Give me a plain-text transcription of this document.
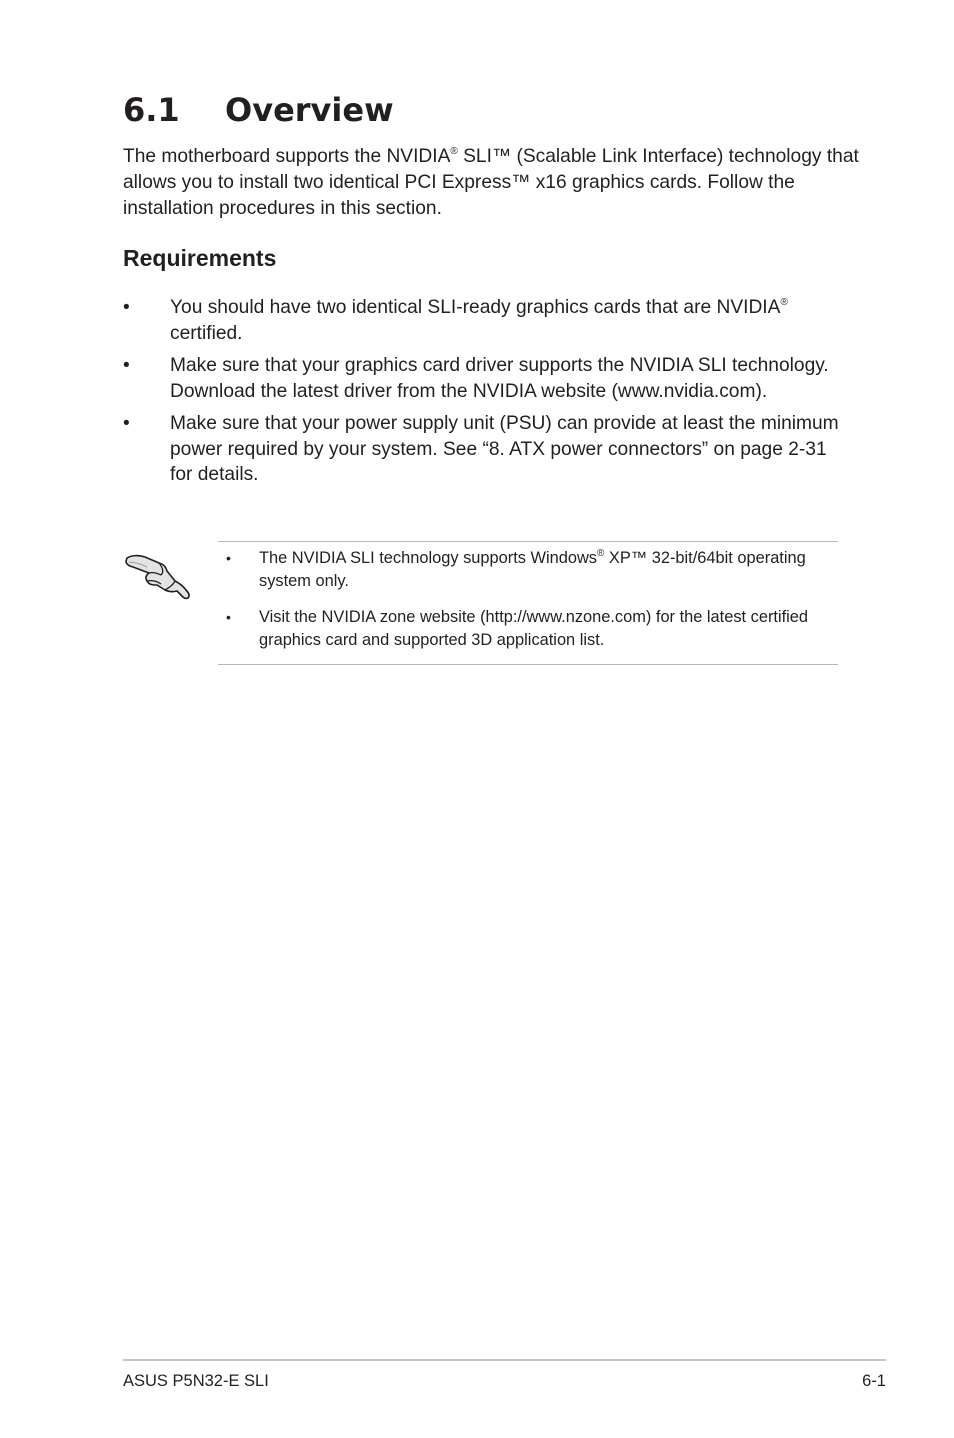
6.1 Overview

The motherboard supports the NVIDIA® SLI™ (Scalable Link Interface) technology that allows you to install two identical PCI Express™ x16 graphics cards. Follow the installation procedures in this section.

Requirements
• You should have two identical SLI-ready graphics cards that are NVIDIA® certified.
• Make sure that your graphics card driver supports the NVIDIA SLI technology. Download the latest driver from the NVIDIA website (www.nvidia.com).
• Make sure that your power supply unit (PSU) can provide at least the minimum power required by your system. See “8. ATX power connectors” on page 2-31 for details.
• The NVIDIA SLI technology supports Windows® XP™ 32-bit/64bit operating system only.
• Visit the NVIDIA zone website (http://www.nzone.com) for the latest certified graphics card and supported 3D application list.
ASUS P5N32-E SLI	6-1
